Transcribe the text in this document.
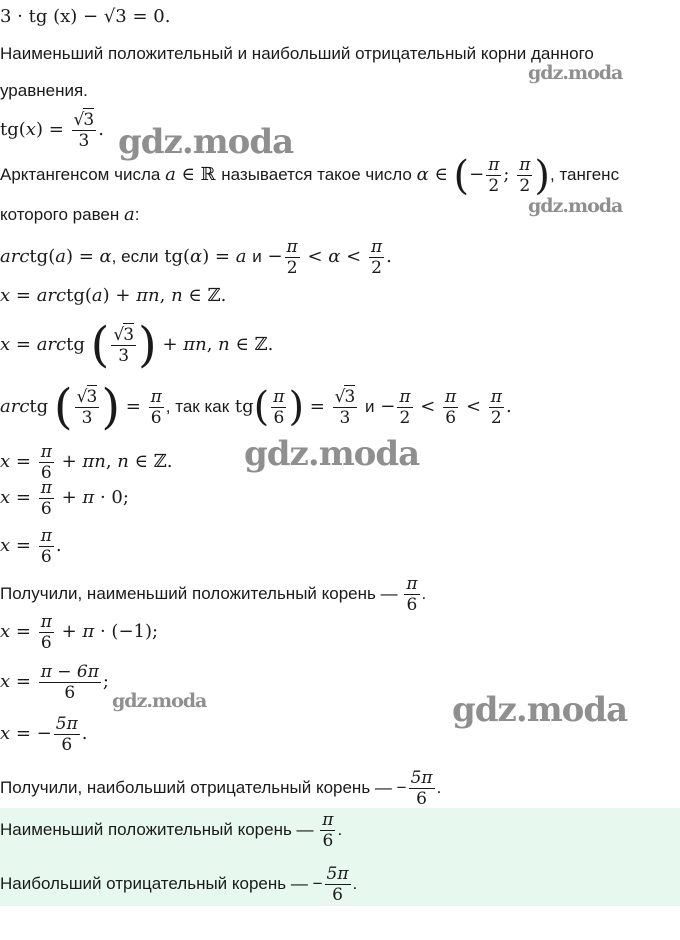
3 · tg (x) − √3 = 0.
Наименьший положительный и наибольший отрицательный корни данного
уравнения.
$tg(x) = \frac{√3}{3}$ .
Арктангенсом числа a ∈ ℝ называется такое число α ∈ (− $\frac{\pi}{2}$ ; $\frac{\pi}{2}$ ), тангенс
которого равен a:
arctg(a) = α, если tg(α) = a $и - \frac{\pi}{2} < \alpha < \frac{\pi}{2}$ .
x = arctg(a) + πn, n ∈ ℤ.
x = arctg ( $\frac{√3}{3}$ ) + πn, n ∈ ℤ.
arctg ( $\frac{√3}{3}$ ) = $\frac{\pi}{6}$ , так как $tg( \frac{\pi}{6}$ ) = $\frac{√3}{3}$ $и - \frac{\pi}{2} < \frac{\pi}{6} < \frac{\pi}{2}$ .
$x = \frac{\pi}{6} + \pi n$, n ∈ ℤ.
$x = \frac{\pi}{6} + \pi \cdot 0$;
$x = \frac{\pi}{6}$ .
Получили, наименьший положительный корень — $\frac{\pi}{6}$ .
$x = \frac{\pi}{6} + \pi \cdot (-1)$;
$x = \frac{\pi - 6\pi}{6}$ ;
x = − $\frac{5\pi}{6}$ .
Получили, наибольший отрицательный корень — − $\frac{5\pi}{6}$ .
Наименьший положительный корень — $\frac{\pi}{6}$ .
Наибольший отрицательный корень — − $\frac{5\pi}{6}$ .
gdz.moda
gdz.moda
gdz.moda
gdz.moda
gdz.moda	gdz.moda
